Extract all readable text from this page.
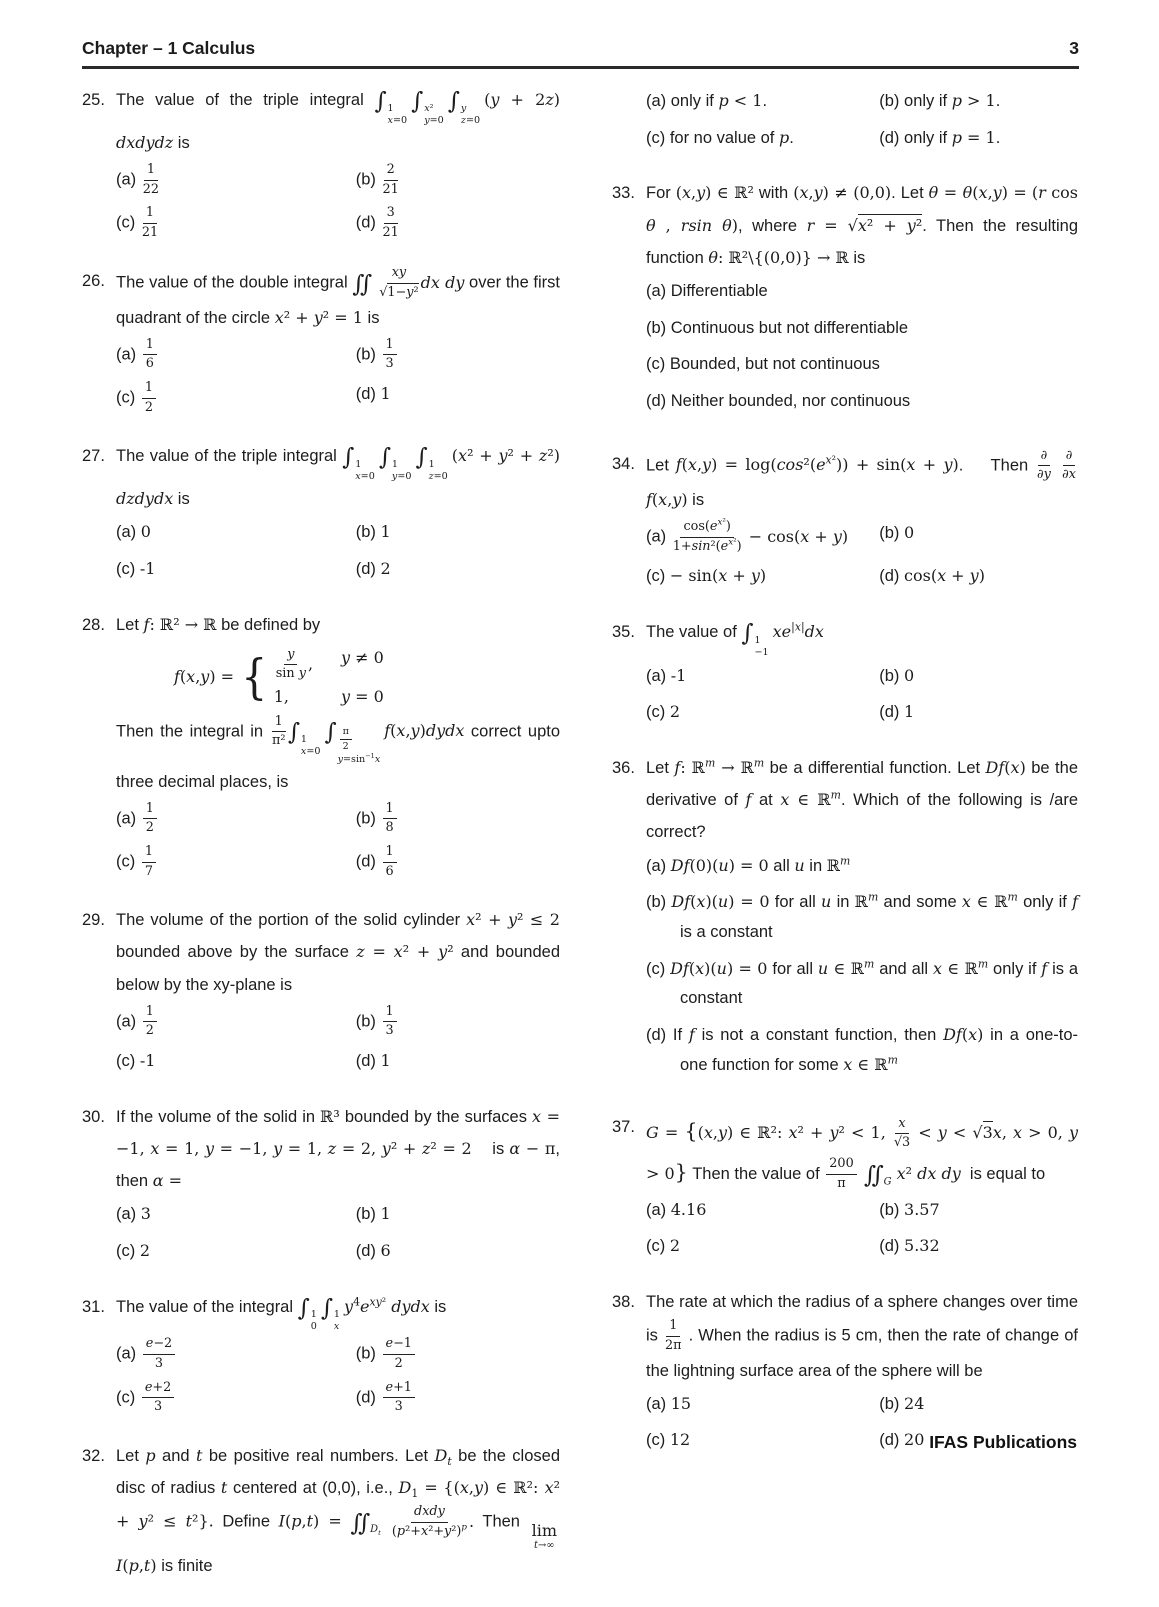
Chapter – 1 Calculus	3
25. The value of the triple integral ∫ 1
x=0
∫ x²
y=0
∫ y
z=0
(y + 2z) dxdydz is
$(a) \frac{1}{22}$	$(b) \frac{2}{21}$
$(c) \frac{1}{21}$	$(d) \frac{3}{21}$
26. The value of the double integral ∬ $\frac{xy}{\text{√1−y²}}$ dx dy over the first quadrant of the circle x² + y² = 1 is
$(a) \frac{1}{6}$	$(b) \frac{1}{3}$
$(c) \frac{1}{2}$	(d) 1
27. The value of the triple integral ∫ 1
x=0
∫ 1
y=0
∫ 1
z=0
(x² + y² + z²) dzdydx is
(a) 0	(b) 1
(c) -1	(d) 2
28. Let f: ℝ² → ℝ be defined by
f(x,y) = { $\frac{y}{\text{sin y}}$ , y ≠ 0
1,	y = 0
Then the integral in $\frac{1}{\text{π²}}$ ∫ 1
x=0
∫ $\frac{\pi}{2}$
$y=\sin^{-1}x$
f(x,y)dydx correct upto three decimal places, is
$(a) \frac{1}{2}$	$(b) \frac{1}{8}$
$(c) \frac{1}{7}$	$(d) \frac{1}{6}$
29. The volume of the portion of the solid cylinder x² + y² ≤ 2 bounded above by the surface z = x² + y² and bounded below by the xy-plane is
$(a) \frac{1}{2}$	$(b) \frac{1}{3}$
(c) -1	(d) 1
30. If the volume of the solid in ℝ³ bounded by the surfaces x = −1, x = 1, y = −1, y = 1, z = 2, y² + z² = 2    is α − π, then α =
(a) 3	(b) 1
(c) 2	(d) 6
31. The value of the integral ∫ 1
0
∫ 1
x
$y^4e^{xy^2}$ dydx is
$(a) \frac{e-2}{3}$	$(b) \frac{e-1}{2}$
$(c) \frac{e+2}{3}$	$(d) \frac{e+1}{3}$
32. Let p and t be positive real numbers. Let $D_t$ be the closed disc of radius t centered at (0,0), i.e., $D_1 = \{(x,y)$ ∈ ℝ²: x² + y² ≤ t²}. Define $I(p,t) = ∬_{D_t}$
dxdy
$(p^2+x^2+y^2)^p$ . Then lim
t→∞
I(p,t) is finite
(a) only if p < 1.	(b) only if p > 1.
(c) for no value of p.	(d) only if p = 1.
33. For (x,y) ∈ ℝ² with (x,y) ≠ (0,0). Let θ = θ(x,y) = (r cos θ , rsin θ), where r = √x² + y². Then the resulting function θ: ℝ²\{(0,0)} → ℝ is
(a) Differentiable
(b) Continuous but not differentiable
(c) Bounded, but not continuous
(d) Neither bounded, nor continuous
34. Let $f(x,y) = \log(\cos^2(e^{x^2})) + \sin(x + y)$.    Then
∂
∂y

∂
∂x
f(x,y) is
$(a) \frac{\cos(e^{x^2})}{1+\sin^2(e^{x^2})} - \cos(x + y)$	(b) 0
(c) − sin(x + y)	(d) cos(x + y)
35. The value of ∫ 1
−1
$xe^{|x|}dx$
(a) -1	(b) 0
(c) 2	(d) 1
36. Let f: ℝ$^m$ → ℝ$^m$ be a differential function. Let Df(x) be the derivative of f at x ∈ ℝ$^m$. Which of the following is /are correct?
(a) Df(0)(u) = 0 all u in ℝ$^m$
(b) Df(x)(u) = 0 for all u in ℝ$^m$ and some x ∈ ℝ$^m$ only if f is a constant
(c) Df(x)(u) = 0 for all u ∈ ℝ$^m$ and all x ∈ ℝ$^m$ only if f is a constant
(d) If f is not a constant function, then Df(x) in a one-to-one function for some x ∈ ℝ$^m$
37. G = {(x,y) ∈ ℝ²: x² + y² < 1, $\frac{x}{√3} < y < √3x$, x > 0, y > 0} Then the value of $\frac{200}{\pi}$ $∬_G$ x² dx dy  is equal to
(a) 4.16	(b) 3.57
(c) 2	(d) 5.32
38. The rate at which the radius of a sphere changes over time is $\frac{1}{2\pi}$ . When the radius is 5 cm, then the rate of change of the lightning surface area of the sphere will be
(a) 15	(b) 24
(c) 12	(d) 20 IFAS Publications
